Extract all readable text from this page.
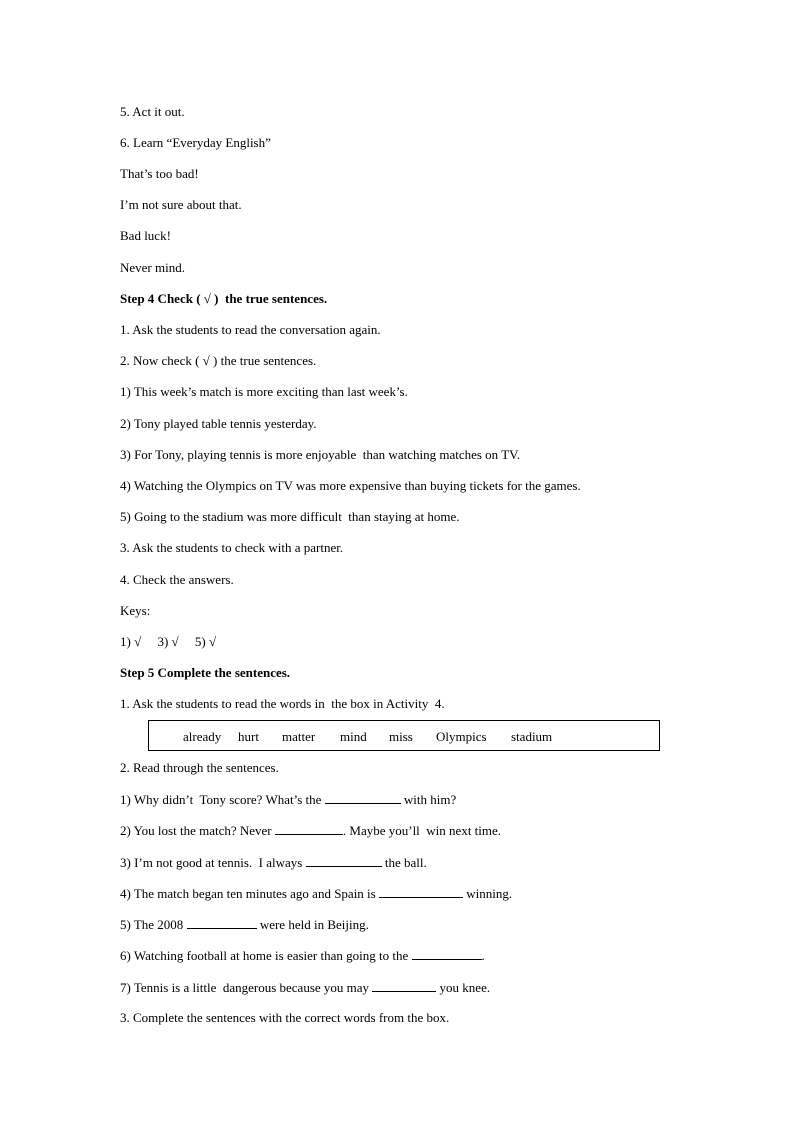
5. Act it out.
6. Learn “Everyday English”
That’s too bad!
I’m not sure about that.
Bad luck!
Never mind.
Step 4 Check ( √ )  the true sentences.
1. Ask the students to read the conversation again.
2. Now check ( √ ) the true sentences.
1) This week’s match is more exciting than last week’s.
2) Tony played table tennis yesterday.
3) For Tony, playing tennis is more enjoyable  than watching matches on TV.
4) Watching the Olympics on TV was more expensive than buying tickets for the games.
5) Going to the stadium was more difficult  than staying at home.
3. Ask the students to check with a partner.
4. Check the answers.
Keys:
1) √     3) √     5) √
Step 5 Complete the sentences.
1. Ask the students to read the words in  the box in Activity  4.
already hurt matter mind miss Olympics stadium
2. Read through the sentences.
1) Why didn’t  Tony score? What’s the	with him?
2) You lost the match? Never	. Maybe you’ll  win next time.
3) I’m not good at tennis.  I always	the ball.
4) The match began ten minutes ago and Spain is	winning.
5) The 2008	were held in Beijing.
6) Watching football at home is easier than going to the	.
7) Tennis is a little  dangerous because you may	you knee.
3. Complete the sentences with the correct words from the box.
